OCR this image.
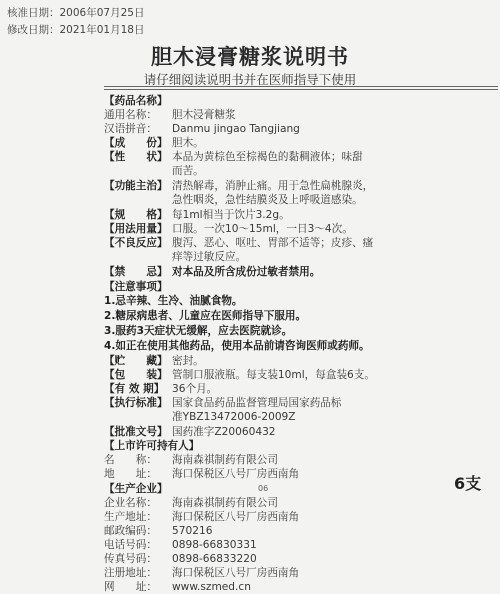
核准日期：2006年07月25日
修改日期：2021年01月18日
胆木浸膏糖浆说明书
请仔细阅读说明书并在医师指导下使用
【药品名称】
通用名称：	胆木浸膏糖浆
汉语拼音：	Danmu jingao Tangjiang
【成　　份】 胆木。
【性　　状】 本品为黄棕色至棕褐色的黏稠液体；味甜
而苦。
【功能主治】 清热解毒，消肿止痛。用于急性扁桃腺炎，
急性咽炎，急性结膜炎及上呼吸道感染。
【规　　格】 每1ml相当于饮片3.2g。
【用法用量】 口服。一次10～15ml，一日3～4次。
【不良反应】 腹泻、恶心、呕吐、胃部不适等；皮疹、瘙
痒等过敏反应。
【禁　　忌】 对本品及所含成份过敏者禁用。
【注意事项】
1.忌辛辣、生冷、油腻食物。
2.糖尿病患者、儿童应在医师指导下服用。
3.服药3天症状无缓解，应去医院就诊。
4.如正在使用其他药品，使用本品前请咨询医师或药师。
【贮　　藏】 密封。
【包　　装】 管制口服液瓶。每支装10ml，每盒装6支。
【有 效 期】 36个月。
【执行标准】 国家食品药品监督管理局国家药品标
准YBZ13472006-2009Z
【批准文号】 国药准字Z20060432
【上市许可持有人】
名　　称：	海南森祺制药有限公司
地　　址：	海口保税区八号厂房西南角
【生产企业】
企业名称：	海南森祺制药有限公司
生产地址：	海口保税区八号厂房西南角
邮政编码：	570216
电话号码：	0898-66830331
传真号码：	0898-66833220
注册地址：	海口保税区八号厂房西南角
网　　址：	www.szmed.cn
6支
06
